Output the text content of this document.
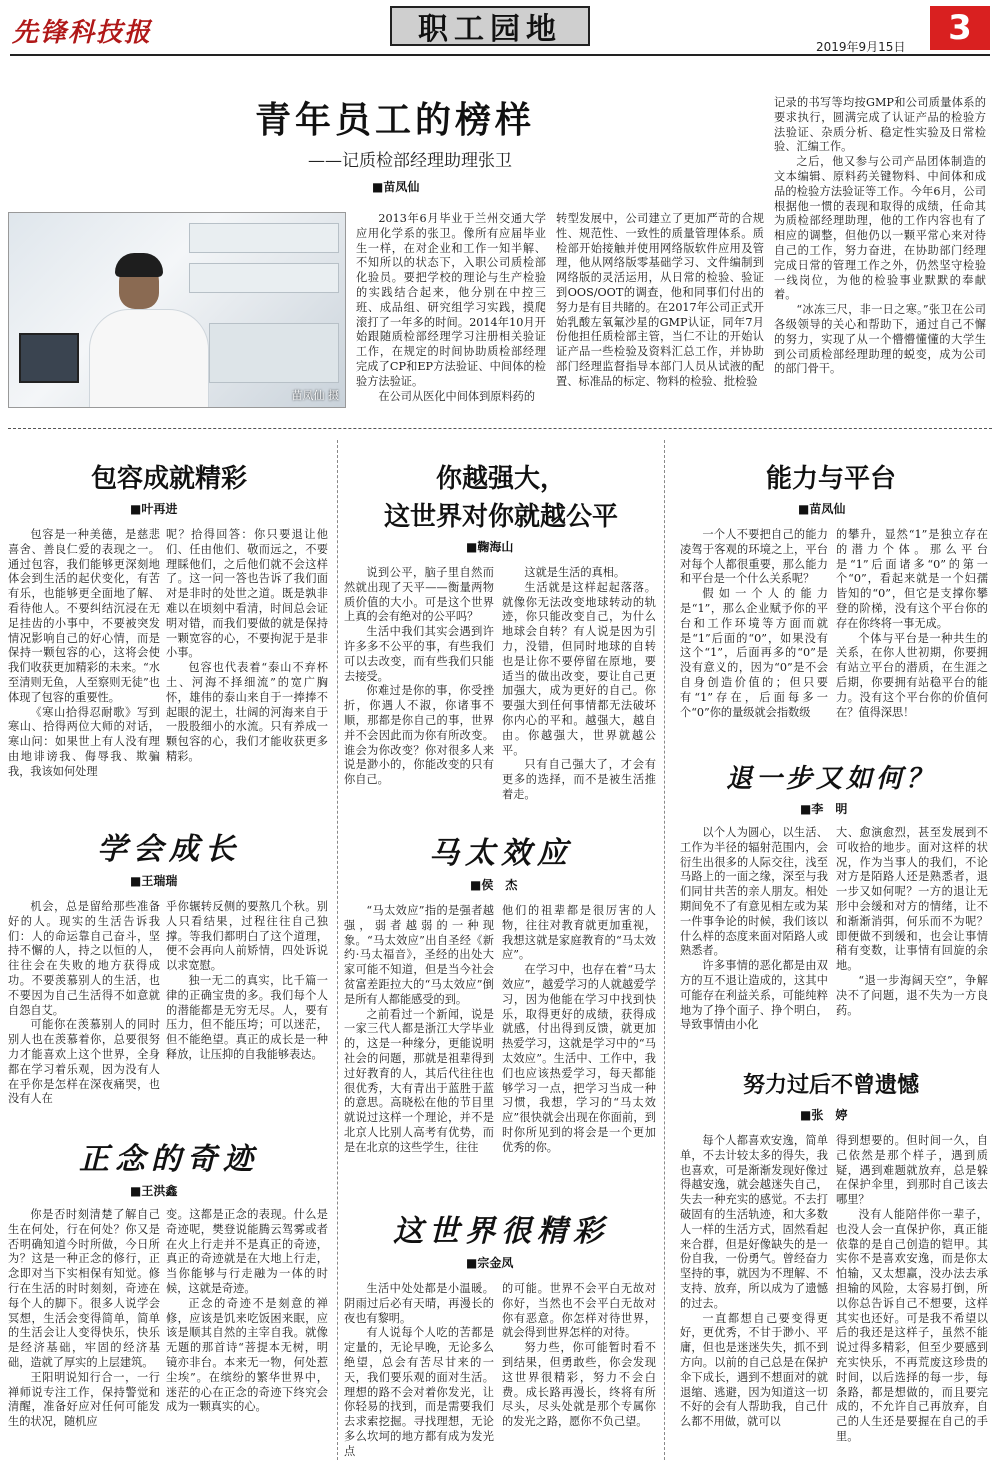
先锋科技报	职工园地	3
2019年9月15日
青年员工的榜样
——记质检部经理助理张卫
■苗凤仙
苗凤仙 摄

2013年6月毕业于兰州交通大学应用化学系的张卫。像所有应届毕业生一样，在对企业和工作一知半解、不知所以的状态下，入职公司质检部化验员。要把学校的理论与生产检验的实践结合起来，他分别在中控三班、成品组、研究组学习实践，摸爬滚打了一年多的时间。2014年10月开始跟随质检部经理学习注册相关验证工作，在规定的时间协助质检部经理完成了CP和EP方法验证、中间体的检验方法验证。

在公司从医化中间体到原料药的

转型发展中，公司建立了更加严苛的合规性、规范性、一致性的质量管理体系。质检部开始接触并使用网络版软件应用及管理，他从网络版零基础学习、文件编制到网络版的灵活运用，从日常的检验、验证到OOS/OOT的调查，他和同事们付出的努力是有目共睹的。在2017年公司正式开始乳酸左氧氟沙星的GMP认证，同年7月份他担任质检部主管，当仁不让的开始认证产品一些检验及资料汇总工作，并协助部门经理监督指导本部门人员从试液的配置、标准品的标定、物料的检验、批检验

记录的书写等均按GMP和公司质量体系的要求执行，圆满完成了认证产品的检验方法验证、杂质分析、稳定性实验及日常检验、汇编工作。

之后，他又参与公司产品团体制造的文本编辑、原料药关键物料、中间体和成品的检验方法验证等工作。今年6月，公司根据他一惯的表现和取得的成绩，任命其为质检部经理助理，他的工作内容也有了相应的调整，但他仍以一颗平常心来对待自己的工作，努力奋进，在协助部门经理完成日常的管理工作之外，仍然坚守检验一线岗位，为他的检验事业默默的奉献着。

“冰冻三尺，非一日之寒。”张卫在公司各级领导的关心和帮助下，通过自己不懈的努力，实现了从一个懵懵懂懂的大学生到公司质检部经理助理的蜕变，成为公司的部门骨干。

包容成就精彩
■叶再进

包容是一种美德，是慈悲喜舍、善良仁爱的表现之一。通过包容，我们能够更深刻地体会到生活的起伏变化，有苦有乐，也能够更全面地了解、看待他人。不要纠结沉浸在无足挂齿的小事中，不要被突发情况影响自己的好心情，而是保持一颗包容的心，这将会使我们收获更加精彩的未来。“水至清则无鱼，人至察则无徒”也体现了包容的重要性。

《寒山拾得忍耐歌》写到寒山、拾得两位大师的对话，寒山问：如果世上有人没有理由地诽谤我、侮辱我、欺骗我，我该如何处理

呢？拾得回答：你只要退让他们、任由他们、敬而远之，不要理睬他们，之后他们就不会这样了。这一问一答也告诉了我们面对是非时的处世之道。既是孰非难以在顷刻中看清，时间总会证明对错，而我们要做的就是保持一颗宽容的心，不要拘泥于是非小事。

包容也代表着“泰山不弃杯土、河海不择细流”的宽广胸怀，雄伟的泰山来自于一捧捧不起眼的泥土，壮阔的河海来自于一股股细小的水流。只有养成一颗包容的心，我们才能收获更多精彩。

学会成长
■王瑞瑞

机会，总是留给那些准备好的人。现实的生活告诉我们：人的命运靠自己奋斗，坚持不懈的人，持之以恒的人，往往会在失败的地方获得成功。不要羡慕别人的生活，也不要因为自己生活得不如意就自怨自艾。

可能你在羡慕别人的同时别人也在羡慕着你，总要很努力才能喜欢上这个世界，全身都在学习着乐观，因为没有人在乎你是怎样在深夜痛哭，也没有人在

乎你辗转反侧的要熬几个秋。别人只看结果，过程往往自己独撑。等我们都明白了这个道理，便不会再向人前矫情，四处诉说以求宽慰。

独一无二的真实，比千篇一律的正确宝贵的多。我们每个人的潜能都是无穷无尽。人，要有压力，但不能压垮；可以迷茫，但不能绝望。真正的成长是一种释放，让压抑的自我能够表达。

正念的奇迹
■王洪鑫

你是否时刻清楚了解自己生在何处，行在何处？你又是否明确知道今时所做，今日所为？这是一种正念的修行，正念即对当下实相保有知觉。修行在生活的时时刻刻，奇迹在每个人的脚下。很多人说学会冥想，生活会变得简单，简单的生活会让人变得快乐，快乐是经济基础，牢固的经济基础，造就了厚实的上层建筑。

王阳明说知行合一，一行禅师说专注工作，保持警觉和清醒，准备好应对任何可能发生的状况，随机应

变。这都是正念的表现。什么是奇迹呢，樊登说能腾云驾雾或者在火上行走并不是真正的奇迹，真正的奇迹就是在大地上行走，当你能够与行走融为一体的时候，这就是奇迹。

正念的奇迹不是刻意的禅修，应该是饥来吃饭困来眠，应该是顺其自然的主宰自我。就像无题的那首诗“菩提本无树，明镜亦非台。本来无一物，何处惹尘埃”。在缤纷的繁华世界中，迷茫的心在正念的奇迹下终究会成为一颗真实的心。

你越强大，
这世界对你就越公平
■鞠海山

说到公平，脑子里自然而然就出现了天平——衡量两物质价值的大小。可是这个世界上真的会有绝对的公平吗？

生活中我们其实会遇到许许多多不公平的事，有些我们可以去改变，而有些我们只能去接受。

你难过是你的事，你受挫折，你遇人不淑，你诸事不顺，那都是你自己的事，世界并不会因此而为你有所改变。谁会为你改变？你对很多人来说是渺小的，你能改变的只有你自己。

这就是生活的真相。

生活就是这样起起落落。就像你无法改变地球转动的轨迹，你只能改变自己，为什么地球会自转？有人说是因为引力，没错，但同时地球的自转也是让你不要停留在原地，要适当的做出改变，要让自己更加强大，成为更好的自己。你要强大到任何事情都无法破坏你内心的平和。越强大，越自由。你越强大，世界就越公平。

只有自己强大了，才会有更多的选择，而不是被生活推着走。

马太效应
■侯　杰

“马太效应”指的是强者越强，弱者越弱的一种现象。“马太效应”出自圣经《新约·马太福音》，圣经的出处大家可能不知道，但是当今社会贫富差距拉大的“马太效应”倒是所有人都能感受的到。

之前看过一个新闻，说是一家三代人都是浙江大学毕业的，这是一种缘分，更能说明社会的问题，那就是祖辈得到过好教育的人，其后代往往也很优秀，大有青出于蓝胜于蓝的意思。高晓松在他的节目里就说过这样一个理论，并不是北京人比别人高考有优势，而是在北京的这些学生，往往

他们的祖辈都是很厉害的人物，往往对教育就更加重视，我想这就是家庭教育的“马太效应”。

在学习中，也存在着“马太效应”，越爱学习的人就越爱学习，因为他能在学习中找到快乐，取得更好的成绩，获得成就感，付出得到反馈，就更加热爱学习，这就是学习中的“马太效应”。生活中、工作中，我们也应该热爱学习，每天都能够学习一点，把学习当成一种习惯，我想，学习的“马太效应”很快就会出现在你面前，到时你所见到的将会是一个更加优秀的你。

这世界很精彩
■宗金凤

生活中处处都是小温暖。阴雨过后必有天晴，再漫长的夜也有黎明。

有人说每个人吃的苦都是定量的，无论早晚，无论多么绝望，总会有苦尽甘来的一天，我们要乐观的面对生活。理想的路不会对着你发光，让你轻易的找到，而是需要我们去求索挖掘。寻找理想，无论多么坎坷的地方都有成为发光点

的可能。世界不会平白无故对你好，当然也不会平白无故对你有恶意。你怎样对待世界，就会得到世界怎样的对待。

努力些，你可能暂时看不到结果，但勇敢些，你会发现这世界很精彩，努力不会白费。成长路再漫长，终将有所尽头，尽头处就是那个专属你的发光之路，愿你不负己望。

能力与平台
■苗凤仙

一个人不要把自己的能力凌驾于客观的环境之上，平台对每个人都很重要，那么能力和平台是一个什么关系呢？

假如一个人的能力是“1”，那么企业赋予你的平台和工作环境等方面而就是“1”后面的“0”，如果没有这个“1”，后面再多的“0”是没有意义的，因为“0”是不会自身创造价值的；但只要有“1”存在，后面每多一个“0”你的量级就会指数级

的攀升，显然“1”是独立存在的潜力个体。那么平台是“1”后面诸多“0”的第一个“0”，看起来就是一个妇孺皆知的“0”，但它是支撑你攀登的阶梯，没有这个平台你的存在你终将一事无成。

个体与平台是一种共生的关系，在你人世初期，你要拥有站立平台的潜质，在生涯之后期，你要拥有站稳平台的能力。没有这个平台你的价值何在？值得深思！

退一步又如何？
■李　明

以个人为圆心，以生活、工作为半径的辐射范围内，会衍生出很多的人际交往，浅至马路上的一面之缘，深至与我们同甘共苦的亲人朋友。相处期间免不了有意见相左或为某一件事争论的时候，我们该以什么样的态度来面对陌路人或熟悉者。

许多事情的恶化都是由双方的互不退让造成的，这其中可能存在利益关系，可能纯粹地为了挣个面子、挣个明白，导致事情由小化

大、愈演愈烈，甚至发展到不可收拾的地步。面对这样的状况，作为当事人的我们，不论对方是陌路人还是熟悉者，退一步又如何呢？一方的退让无形中会缓和对方的情绪，让不和渐渐消弭，何乐而不为呢？即便做不到缓和，也会让事情稍有变数，让事情有回旋的余地。

“退一步海阔天空”，争解决不了问题，退不失为一方良药。

努力过后不曾遗憾
■张　婷

每个人都喜欢安逸，简单单，不去计较太多的得失，我也喜欢，可是渐渐发现好像过得越安逸，就会越迷失自己，失去一种充实的感觉。不去打破固有的生活轨迹，和大多数人一样的生活方式，固然看起来合群，但是好像缺失的是一份自我，一份勇气。曾经奋力坚持的事，就因为不理解、不支持、放弃，所以成为了遗憾的过去。

一直都想自己要变得更好，更优秀，不甘于渺小、平庸，但也是迷迷失失，抓不到方向。以前的自己总是在保护伞下成长，遇到不想面对的就退缩、逃避，因为知道这一切不好的会有人帮助我，自己什么都不用做，就可以

得到想要的。但时间一久，自己依然是那个样子，遇到质疑，遇到难题就放弃，总是躲在保护伞里，到那时自己该去哪里？

没有人能陪伴你一辈子，也没人会一直保护你，真正能依靠的是自己创造的铠甲。其实你不是喜欢安逸，而是你太怕输，又太想赢，没办法去承担输的风险，太容易打倒，所以你总告诉自己不想要，这样其实也还好。可是我不希望以后的我还是这样子，虽然不能说过得多精彩，但至少要感到充实快乐，不再荒废这珍贵的时间，以后选择的每一步，每条路，都是想做的，而且要完成的，不允许自己再放弃，自己的人生还是要握在自己的手里。
